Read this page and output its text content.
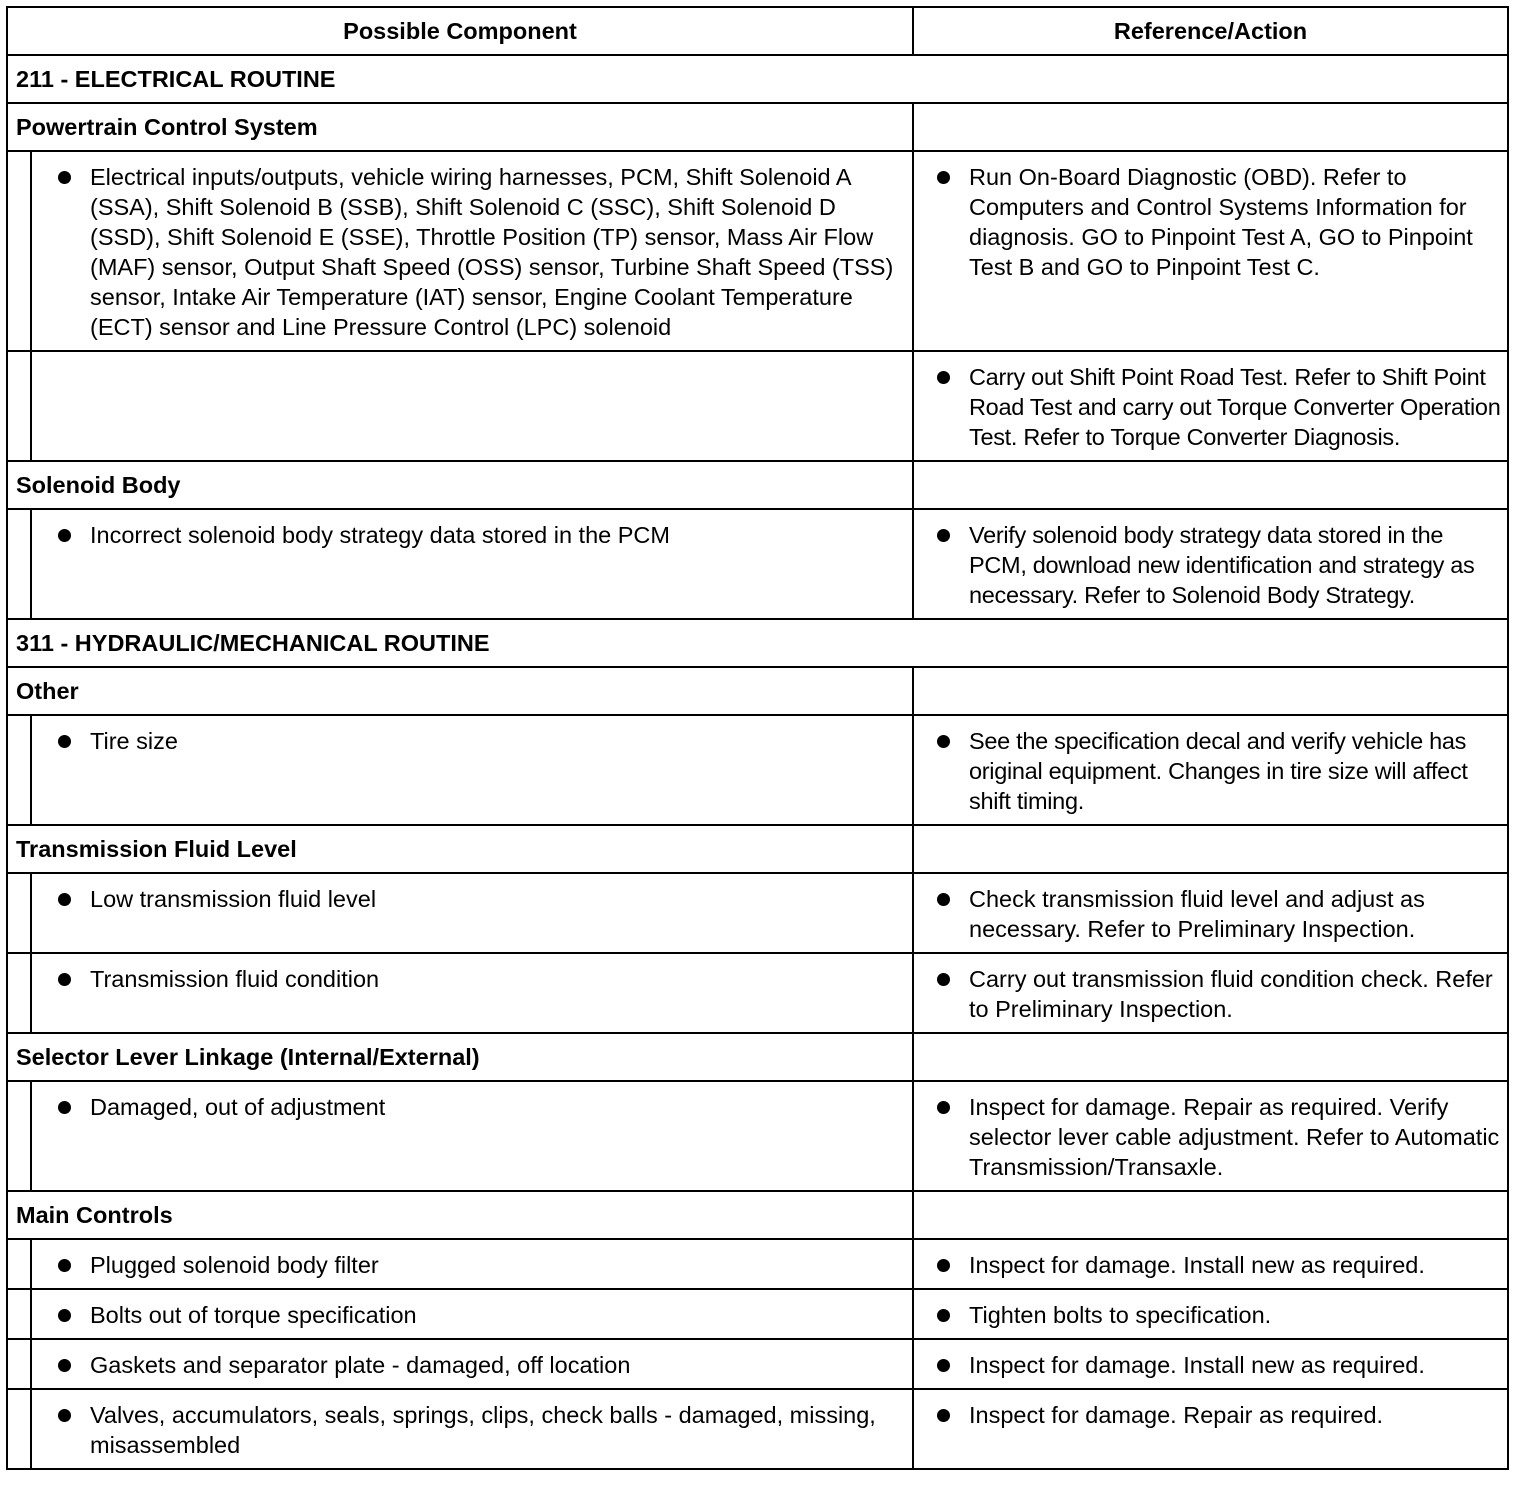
Possible Component		Reference/Action
211 - ELECTRICAL ROUTINE		
Powertrain Control System		

	Electrical inputs/outputs, vehicle wiring harnesses, PCM, Shift Solenoid A (SSA), Shift Solenoid B (SSB), Shift Solenoid C (SSC), Shift Solenoid D (SSD), Shift Solenoid E (SSE), Throttle Position (TP) sensor, Mass Air Flow (MAF) sensor, Output Shaft Speed (OSS) sensor, Turbine Shaft Speed (TSS) sensor, Intake Air Temperature (IAT) sensor, Engine Coolant Temperature (ECT) sensor and Line Pressure Control (LPC) solenoid	Run On-Board Diagnostic (OBD). Refer to Computers and Control Systems Information for diagnosis. GO to Pinpoint Test A, GO to Pinpoint Test B and GO to Pinpoint Test C.

		Carry out Shift Point Road Test. Refer to Shift Point Road Test and carry out Torque Converter Operation Test. Refer to Torque Converter Diagnosis.

Solenoid Body		

	Incorrect solenoid body strategy data stored in the PCM	Verify solenoid body strategy data stored in the PCM, download new identification and strategy as necessary. Refer to Solenoid Body Strategy.

311 - HYDRAULIC/MECHANICAL ROUTINE		
Other		

	Tire size	See the specification decal and verify vehicle has original equipment. Changes in tire size will affect shift timing.

Transmission Fluid Level		

	Low transmission fluid level	Check transmission fluid level and adjust as necessary. Refer to Preliminary Inspection.

	Transmission fluid condition	Carry out transmission fluid condition check. Refer to Preliminary Inspection.

Selector Lever Linkage (Internal/External)		

	Damaged, out of adjustment	Inspect for damage. Repair as required. Verify selector lever cable adjustment. Refer to Automatic Transmission/Transaxle.

Main Controls		

	Plugged solenoid body filter	Inspect for damage. Install new as required.

	Bolts out of torque specification	Tighten bolts to specification.

	Gaskets and separator plate - damaged, off location	Inspect for damage. Install new as required.

	Valves, accumulators, seals, springs, clips, check balls - damaged, missing, misassembled	Inspect for damage. Repair as required.
